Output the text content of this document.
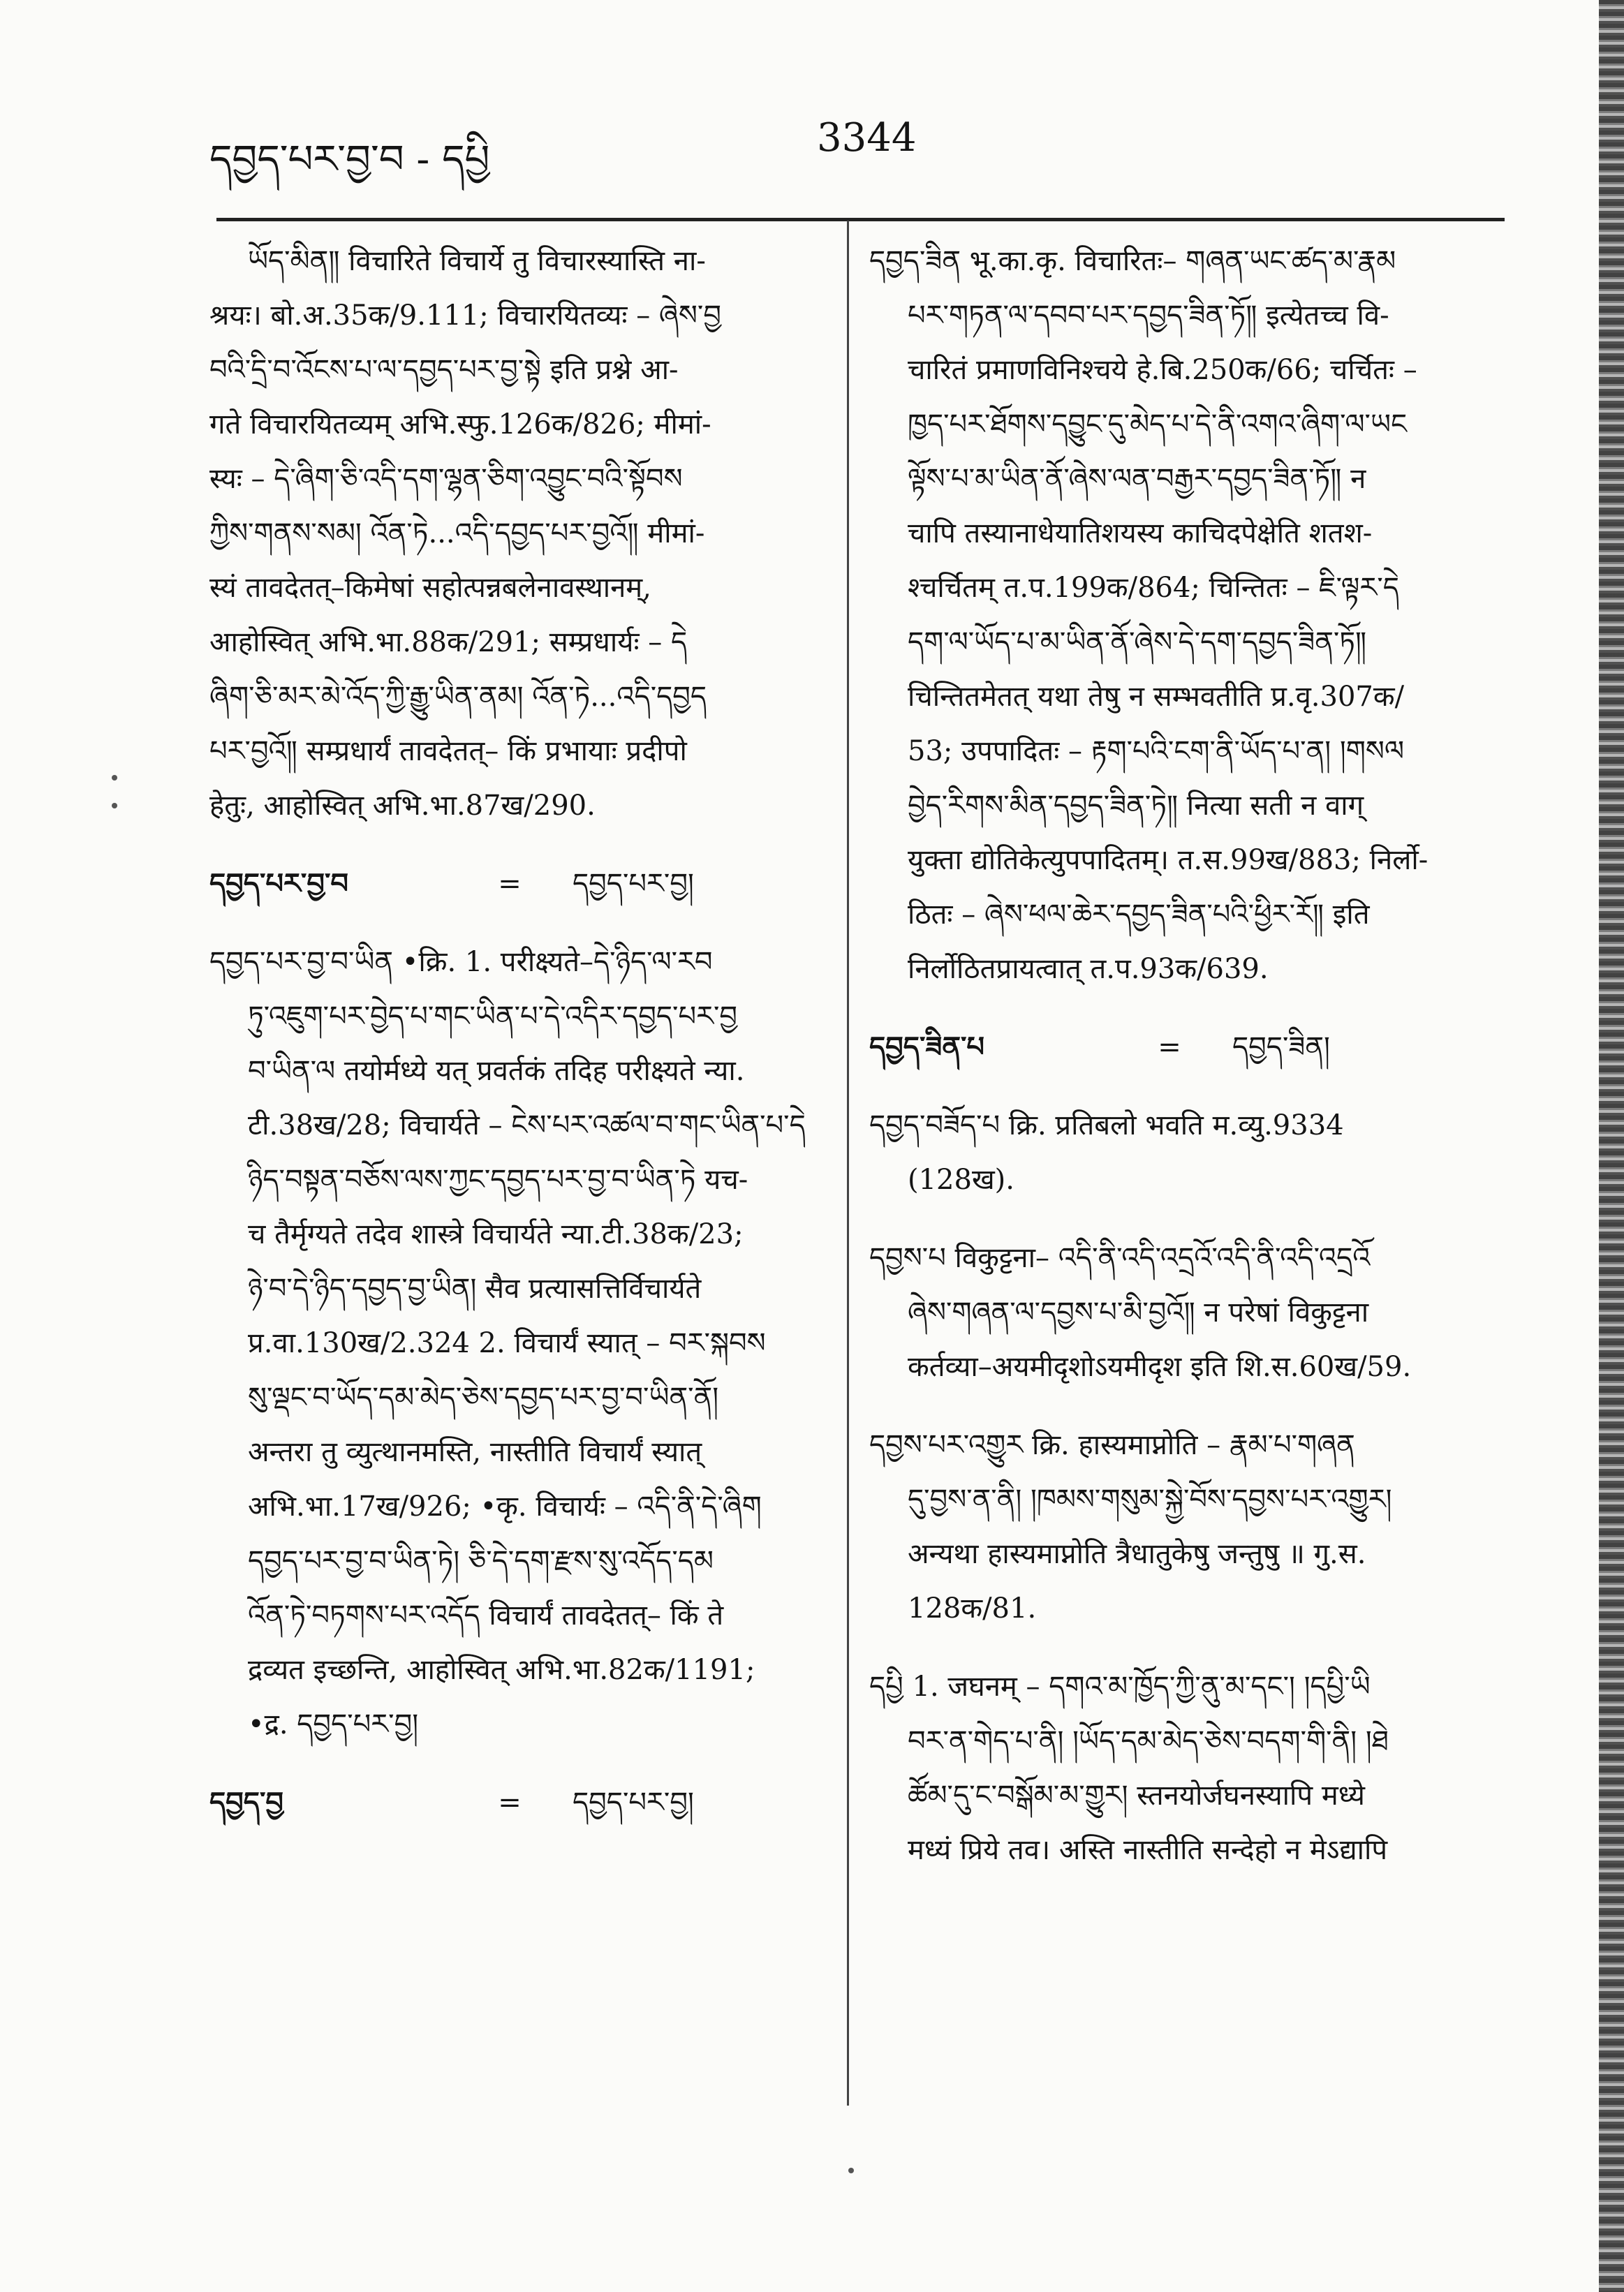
དབྱད་པར་བྱ་བ - དཔྱི	3344
ཡོད་མིན༎ विचारिते विचार्ये तु विचारस्यास्ति ना-
श्रयः। बो.अ.35क/9.111; विचारयितव्यः – ཞེས་བྱ
བའི་དྲི་བ་འོངས་པ་ལ་དབྱད་པར་བྱ་སྟེ इति प्रश्ने आ-
गते विचारयितव्यम् अभि.स्फु.126क/826; मीमां-
स्यः – དེ་ཞིག་ཅི་འདི་དག་ལྷན་ཅིག་འབྱུང་བའི་སྟོབས
ཀྱིས་གནས་སམ། འོན་ཏེ...འདི་དབྱད་པར་བྱའོ༎ मीमां-
स्यं तावदेतत्–किमेषां सहोत्पन्नबलेनावस्थानम्,
आहोस्वित् अभि.भा.88क/291; सम्प्रधार्यः – དེ
ཞིག་ཅི་མར་མེ་འོད་ཀྱི་རྒྱུ་ཡིན་ནམ། འོན་ཏེ...འདི་དབྱད
པར་བྱའོ༎ सम्प्रधार्यं तावदेतत्– किं प्रभायाः प्रदीपो
हेतुः, आहोस्वित् अभि.भा.87ख/290.
དབྱད་པར་བྱ་བ	= དབྱད་པར་བྱ།
དབྱད་པར་བྱ་བ་ཡིན •क्रि. 1. परीक्ष्यते–དེ་ཉིད་ལ་རབ
ཏུ་འཇུག་པར་བྱེད་པ་གང་ཡིན་པ་དེ་འདིར་དབྱད་པར་བྱ
བ་ཡིན་ལ तयोर्मध्ये यत् प्रवर्तकं तदिह परीक्ष्यते न्या.
टी.38ख/28; विचार्यते – ངེས་པར་འཚལ་བ་གང་ཡིན་པ་དེ
ཉིད་བསྟན་བཅོས་ལས་ཀྱང་དབྱད་པར་བྱ་བ་ཡིན་ཏེ यच-
च तैर्मृग्यते तदेव शास्त्रे विचार्यते न्या.टी.38क/23;
ཉེ་བ་དེ་ཉིད་དབྱད་བྱ་ཡིན། सैव प्रत्यासत्तिर्विचार्यते
प्र.वा.130ख/2.324 2. विचार्यं स्यात् – བར་སྐབས
སུ་ལྡང་བ་ཡོད་དམ་མེད་ཅེས་དབྱད་པར་བྱ་བ་ཡིན་ནོ།
अन्तरा तु व्युत्थानमस्ति, नास्तीति विचार्यं स्यात्
अभि.भा.17ख/926; •कृ. विचार्यः – འདི་ནི་དེ་ཞིག
དབྱད་པར་བྱ་བ་ཡིན་ཏེ། ཅི་དེ་དག་རྫས་སུ་འདོད་དམ
འོན་ཏེ་བཏགས་པར་འདོད विचार्यं तावदेतत्– किं ते
द्रव्यत इच्छन्ति, आहोस्वित् अभि.भा.82क/1191;
•द्र. དབྱད་པར་བྱ།
དབྱད་བྱ	= དབྱད་པར་བྱ།
དབྱད་ཟིན भू.का.कृ. विचारितः– གཞན་ཡང་ཚད་མ་རྣམ
པར་གཏན་ལ་དབབ་པར་དབྱད་ཟིན་ཏོ༎ इत्येतच्च वि-
चारितं प्रमाणविनिश्चये हे.बि.250क/66; चर्चितः –
ཁྱད་པར་ཐོགས་དབྱུང་དུ་མེད་པ་དེ་ནི་འགའ་ཞིག་ལ་ཡང
ལྟོས་པ་མ་ཡིན་ནོ་ཞེས་ལན་བརྒྱར་དབྱད་ཟིན་ཏོ༎ न
चापि तस्यानाधेयातिशयस्य काचिदपेक्षेति शतश-
श्चर्चितम् त.प.199क/864; चिन्तितः – ཇི་ལྟར་དེ
དག་ལ་ཡོད་པ་མ་ཡིན་ནོ་ཞེས་དེ་དག་དབྱད་ཟིན་ཏོ༎
चिन्तितमेतत् यथा तेषु न सम्भवतीति प्र.वृ.307क/
53; उपपादितः – རྟག་པའི་ངག་ནི་ཡོད་པ་ན། །གསལ
བྱེད་རིགས་མིན་དབྱད་ཟིན་ཏེ༎ नित्या सती न वाग्
युक्ता द्योतिकेत्युपपादितम्। त.स.99ख/883; निर्लो-
ठितः – ཞེས་ཕལ་ཆེར་དབྱད་ཟིན་པའི་ཕྱིར་རོ༎ इति
निर्लोठितप्रायत्वात् त.प.93क/639.
དབྱད་ཟིན་པ	= དབྱད་ཟིན།
དབྱད་བཟོད་པ क्रि. प्रतिबलो भवति म.व्यु.9334
(128ख).
དབྱས་པ विकुट्टना– འདི་ནི་འདི་འདྲའོ་འདི་ནི་འདི་འདྲའོ
ཞེས་གཞན་ལ་དབྱས་པ་མི་བྱའོ༎ न परेषां विकुट्टना
कर्तव्या–अयमीदृशोऽयमीदृश इति शि.स.60ख/59.
དབྱས་པར་འགྱུར क्रि. हास्यमाप्नोति – རྣམ་པ་གཞན
དུ་བྱས་ན་ནི། །ཁམས་གསུམ་སྐྱེ་བོས་དབྱས་པར་འགྱུར།
अन्यथा हास्यमाप्नोति त्रैधातुकेषु जन्तुषु ॥ गु.स.
128क/81.
དཔྱི 1. जघनम् – དགའ་མ་ཁྱོད་ཀྱི་ནུ་མ་དང་། །དཔྱི་ཡི
བར་ན་གེད་པ་ནི། །ཡོད་དམ་མེད་ཅེས་བདག་གི་ནི། །ཐེ
ཚོམ་དུ་ང་བསྒོམ་མ་གྱུར། स्तनयोर्जघनस्यापि मध्ये
मध्यं प्रिये तव। अस्ति नास्तीति सन्देहो न मेऽद्यापि
